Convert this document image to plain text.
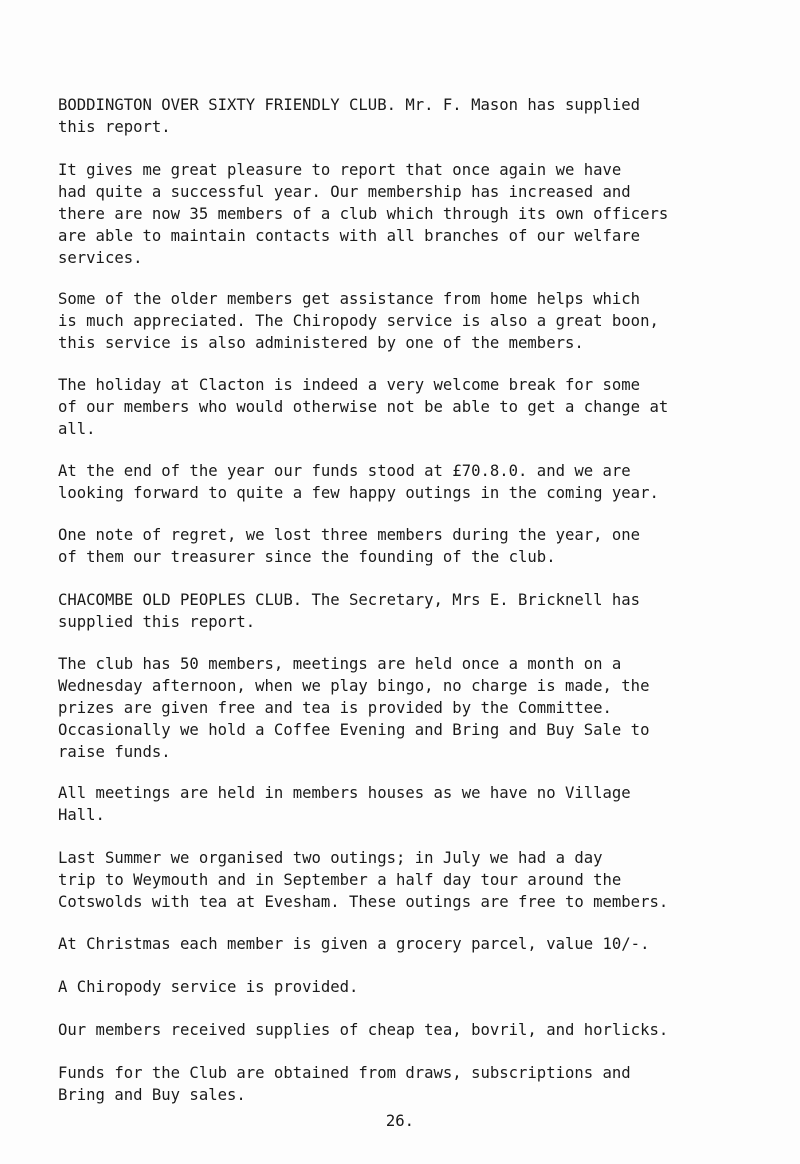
BODDINGTON OVER SIXTY FRIENDLY CLUB. Mr. F. Mason has supplied
this report.

It gives me great pleasure to report that once again we have
had quite a successful year. Our membership has increased and
there are now 35 members of a club which through its own officers
are able to maintain contacts with all branches of our welfare
services.

Some of the older members get assistance from home helps which
is much appreciated. The Chiropody service is also a great boon,
this service is also administered by one of the members.

The holiday at Clacton is indeed a very welcome break for some
of our members who would otherwise not be able to get a change at
all.

At the end of the year our funds stood at £70.8.0. and we are
looking forward to quite a few happy outings in the coming year.

One note of regret, we lost three members during the year, one
of them our treasurer since the founding of the club.

CHACOMBE OLD PEOPLES CLUB. The Secretary, Mrs E. Bricknell has
supplied this report.

The club has 50 members, meetings are held once a month on a
Wednesday afternoon, when we play bingo, no charge is made, the
prizes are given free and tea is provided by the Committee.
Occasionally we hold a Coffee Evening and Bring and Buy Sale to
raise funds.

All meetings are held in members houses as we have no Village
Hall.

Last Summer we organised two outings; in July we had a day
trip to Weymouth and in September a half day tour around the
Cotswolds with tea at Evesham. These outings are free to members.

At Christmas each member is given a grocery parcel, value 10/-.

A Chiropody service is provided.

Our members received supplies of cheap tea, bovril, and horlicks.

Funds for the Club are obtained from draws, subscriptions and
Bring and Buy sales.

26.
